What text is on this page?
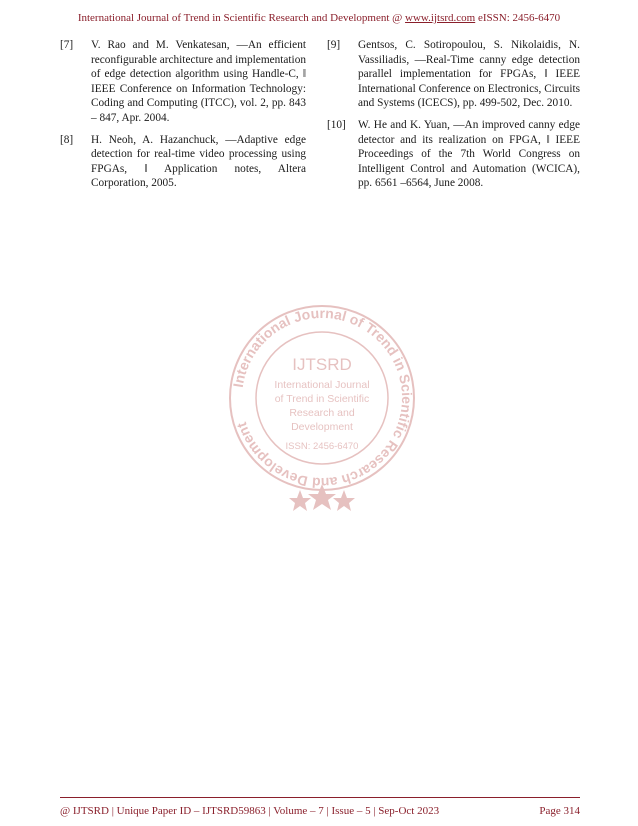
International Journal of Trend in Scientific Research and Development @ www.ijtsrd.com eISSN: 2456-6470
[7]	V. Rao and M. Venkatesan, ―An efficient reconfigurable architecture and implementation of edge detection algorithm using Handle-C, ‖ IEEE Conference on Information Technology: Coding and Computing (ITCC), vol. 2, pp. 843 – 847, Apr. 2004.
[8]	H. Neoh, A. Hazanchuck, ―Adaptive edge detection for real-time video processing using FPGAs, ‖ Application notes, Altera Corporation, 2005.
[9]	Gentsos, C. Sotiropoulou, S. Nikolaidis, N. Vassiliadis, ―Real-Time canny edge detection parallel implementation for FPGAs, ‖ IEEE International Conference on Electronics, Circuits and Systems (ICECS), pp. 499-502, Dec. 2010.
[10]	W. He and K. Yuan, ―An improved canny edge detector and its realization on FPGA, ‖ IEEE Proceedings of the 7th World Congress on Intelligent Control and Automation (WCICA), pp. 6561 –6564, June 2008.
International Journal of Trend in Scientific Research and Development
IJTSRD
International Journal
of Trend in Scientific
Research and
Development
ISSN: 2456-6470
@ IJTSRD | Unique Paper ID – IJTSRD59863 | Volume – 7 | Issue – 5 | Sep-Oct 2023	Page 314
